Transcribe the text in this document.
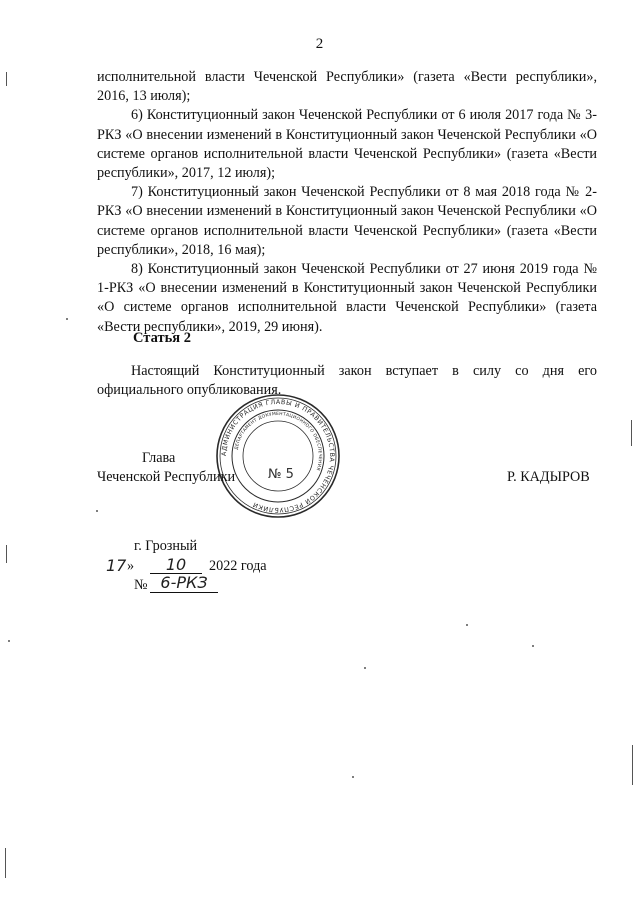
2

исполнительной власти Чеченской Республики» (газета «Вести республики», 2016, 13 июля);

6) Конституционный закон Чеченской Республики от 6 июля 2017 года № 3-РКЗ «О внесении изменений в Конституционный закон Чеченской Республики «О системе органов исполнительной власти Чеченской Республики» (газета «Вести республики», 2017, 12 июля);

7) Конституционный закон Чеченской Республики от 8 мая 2018 года № 2-РКЗ «О внесении изменений в Конституционный закон Чеченской Республики «О системе органов исполнительной власти Чеченской Республики» (газета «Вести республики», 2018, 16 мая);

8) Конституционный закон Чеченской Республики от 27 июня 2019 года № 1-РКЗ «О внесении изменений в Конституционный закон Чеченской Республики «О системе органов исполнительной власти Чеченской Республики» (газета «Вести республики», 2019, 29 июня).

Статья 2

Настоящий Конституционный закон вступает в силу со дня его официального опубликования.

АДМИНИСТРАЦИЯ ГЛАВЫ И ПРАВИТЕЛЬСТВА ЧЕЧЕНСКОЙ РЕСПУБЛИКИ
ДЕПАРТАМЕНТ ДОКУМЕНТАЦИОННОГО ОБЕСПЕЧЕНИЯ
Глава
Чеченской Республики	Р. КАДЫРОВ
№ 5
г. Грозный
17 »	10	2022 года
№ 6-РКЗ
